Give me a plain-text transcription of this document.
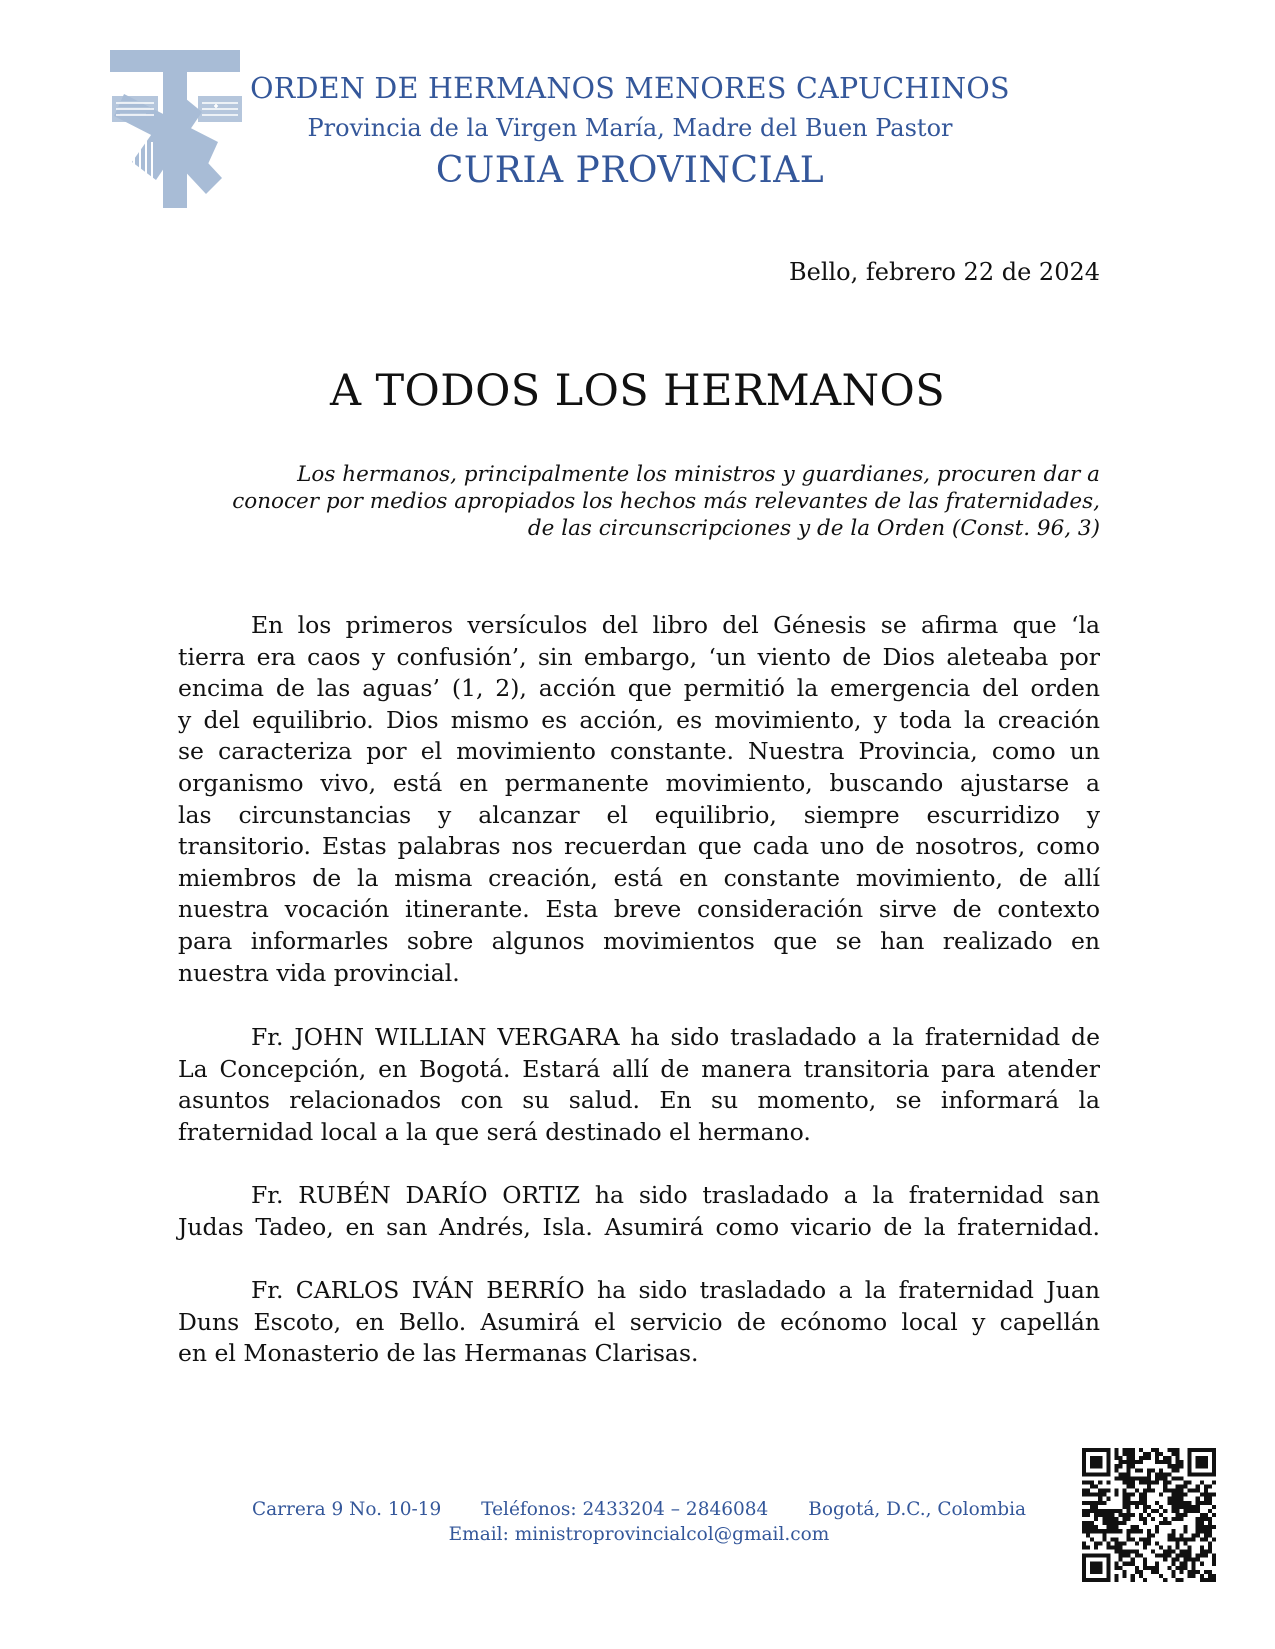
ORDEN DE HERMANOS MENORES CAPUCHINOS
Provincia de la Virgen María, Madre del Buen Pastor
CURIA PROVINCIAL
Bello, febrero 22 de 2024
A TODOS LOS HERMANOS
Los hermanos, principalmente los ministros y guardianes, procuren dar a
conocer por medios apropiados los hechos más relevantes de las fraternidades,
de las circunscripciones y de la Orden (Const. 96, 3)
En los primeros versículos del libro del Génesis se afirma que ‘la
tierra era caos y confusión’, sin embargo, ‘un viento de Dios aleteaba por
encima de las aguas’ (1, 2), acción que permitió la emergencia del orden
y del equilibrio. Dios mismo es acción, es movimiento, y toda la creación
se caracteriza por el movimiento constante. Nuestra Provincia, como un
organismo vivo, está en permanente movimiento, buscando ajustarse a
las circunstancias y alcanzar el equilibrio, siempre escurridizo y
transitorio. Estas palabras nos recuerdan que cada uno de nosotros, como
miembros de la misma creación, está en constante movimiento, de allí
nuestra vocación itinerante. Esta breve consideración sirve de contexto
para informarles sobre algunos movimientos que se han realizado en
nuestra vida provincial.
Fr. JOHN WILLIAN VERGARA ha sido trasladado a la fraternidad de
La Concepción, en Bogotá. Estará allí de manera transitoria para atender
asuntos relacionados con su salud. En su momento, se informará la
fraternidad local a la que será destinado el hermano.
Fr. RUBÉN DARÍO ORTIZ ha sido trasladado a la fraternidad san
Judas Tadeo, en san Andrés, Isla. Asumirá como vicario de la fraternidad.
Fr. CARLOS IVÁN BERRÍO ha sido trasladado a la fraternidad Juan
Duns Escoto, en Bello. Asumirá el servicio de ecónomo local y capellán
en el Monasterio de las Hermanas Clarisas.
Carrera 9 No. 10-19 Teléfonos: 2433204 – 2846084 Bogotá, D.C., Colombia
Email: ministroprovincialcol@gmail.com
